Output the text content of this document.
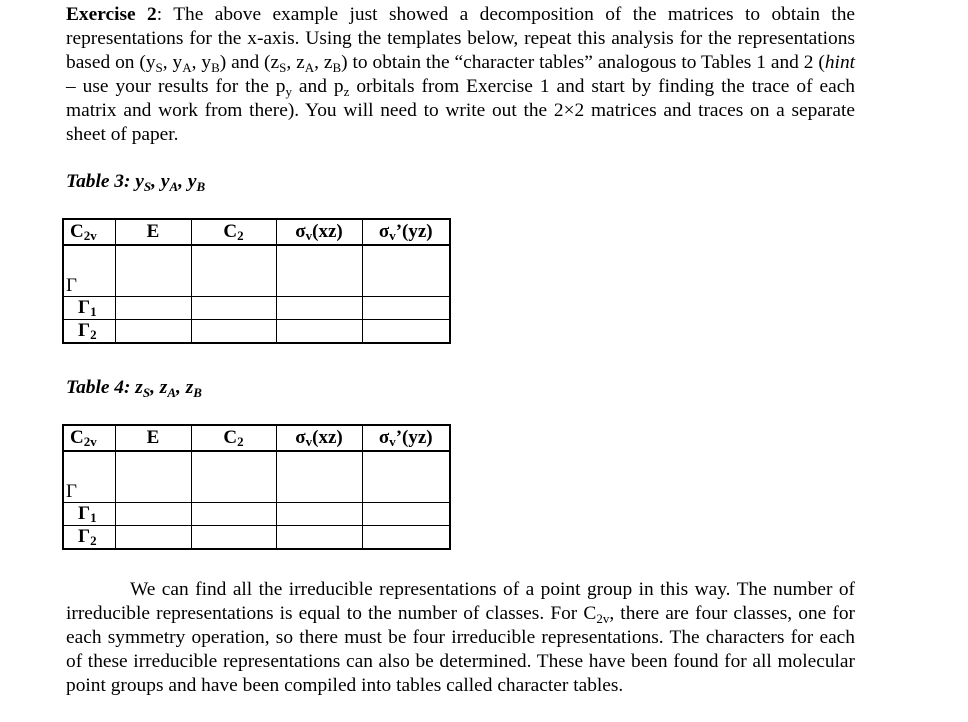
Exercise 2: The above example just showed a decomposition of the matrices to obtain the representations for the x-axis. Using the templates below, repeat this analysis for the representations based on ($y_S$, $y_A$, $y_B$) and ($z_S$, $z_A$, $z_B$) to obtain the “character tables” analogous to Tables 1 and 2 (hint – use your results for the $p_y$ and $p_z$ orbitals from Exercise 1 and start by finding the trace of each matrix and work from there). You will need to write out the 2×2 matrices and traces on a separate sheet of paper.

Table 3: $y_S$, $y_A$, $y_B$

C2v	E	C2	σv(xz)	σv’(yz)
Γ				
Γ1				
Γ2				

Table 4: $z_S$, $z_A$, $z_B$

C2v	E	C2	σv(xz)	σv’(yz)
Γ				
Γ1				
Γ2				

We can find all the irreducible representations of a point group in this way. The number of irreducible representations is equal to the number of classes. For $C_{2v}$, there are four classes, one for each symmetry operation, so there must be four irreducible representations. The characters for each of these irreducible representations can also be determined. These have been found for all molecular point groups and have been compiled into tables called character tables.
